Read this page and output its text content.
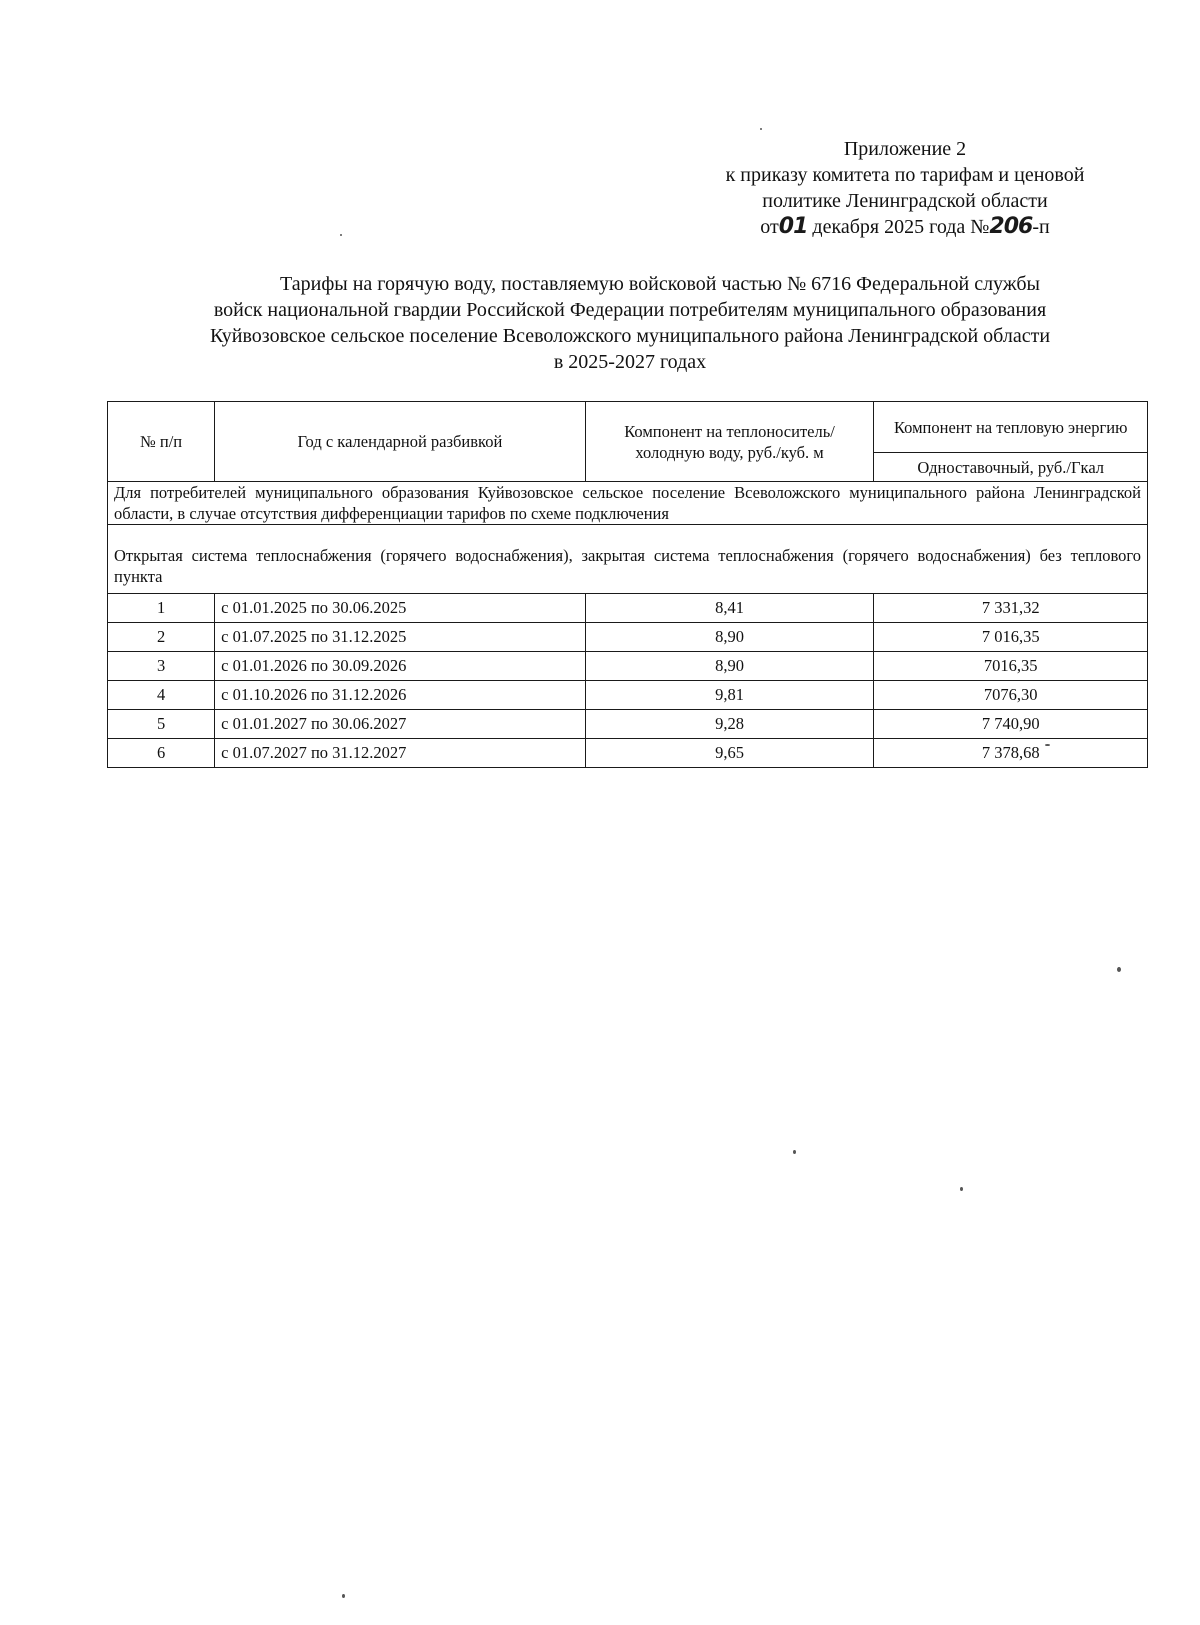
Приложение 2
к приказу комитета по тарифам и ценовой
политике Ленинградской области
от01 декабря 2025 года №206-п
Тарифы на горячую воду, поставляемую войсковой частью № 6716 Федеральной службы
войск национальной гвардии Российской Федерации потребителям муниципального образования
Куйвозовское сельское поселение Всеволожского муниципального района Ленинградской области
в 2025-2027 годах
№ п/п	Год с календарной разбивкой	Компонент на теплоноситель/ холодную воду, руб./куб. м	Компонент на тепловую энергию
			Одноставочный, руб./Гкал
Для потребителей муниципального образования Куйвозовское сельское поселение Всеволожского муниципального района Ленинградской области, в случае отсутствия дифференциации тарифов по схеме подключения			
Открытая система теплоснабжения (горячего водоснабжения), закрытая система теплоснабжения (горячего водоснабжения) без теплового пункта			
1	с 01.01.2025 по 30.06.2025	8,41	7 331,32
2	с 01.07.2025 по 31.12.2025	8,90	7 016,35
3	с 01.01.2026 по 30.09.2026	8,90	7016,35
4	с 01.10.2026 по 31.12.2026	9,81	7076,30
5	с 01.01.2027 по 30.06.2027	9,28	7 740,90
6	с 01.07.2027 по 31.12.2027	9,65	7 378,68
